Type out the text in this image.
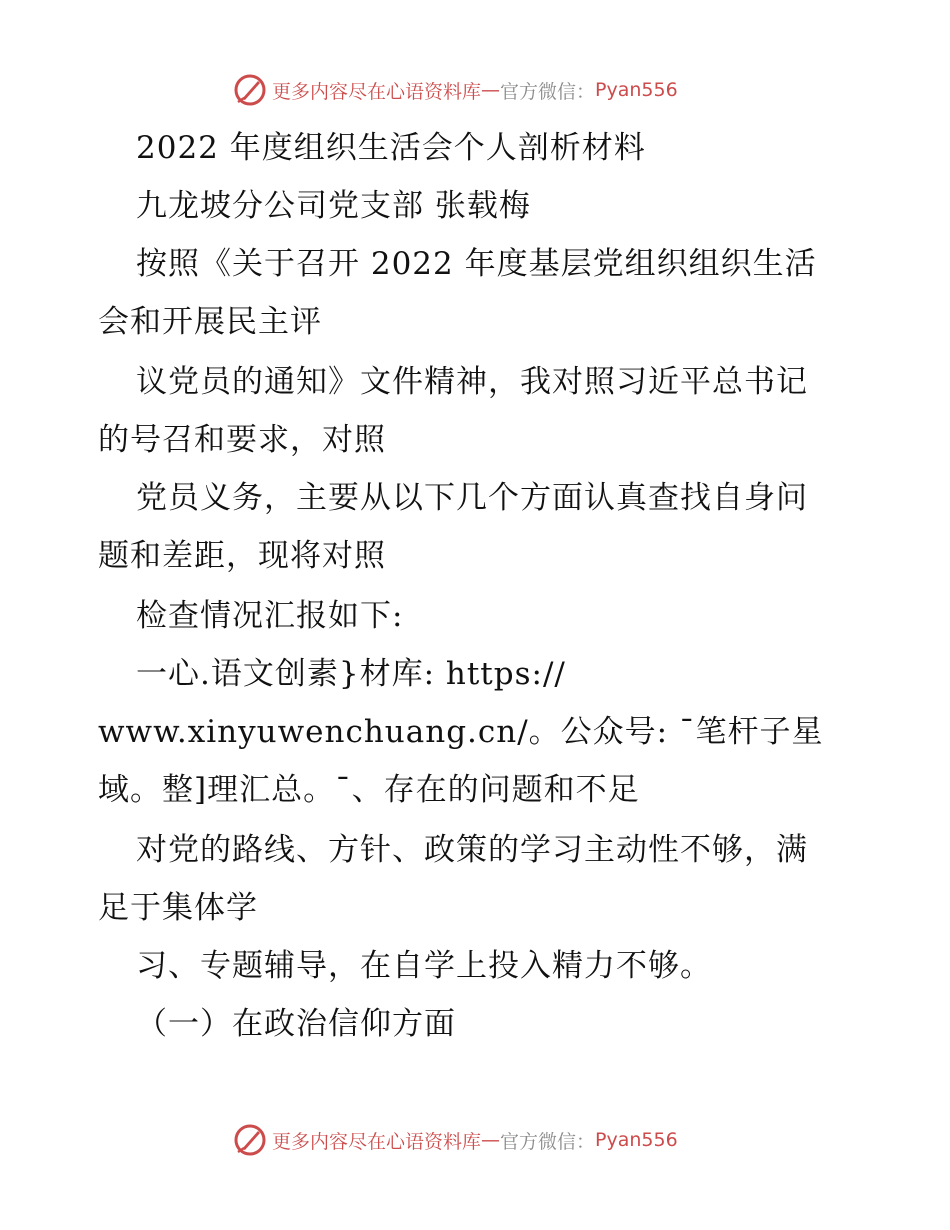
更多内容尽在心语资料库 — 官方微信： Pyan556
2022 年度组织生活会个人剖析材料
九龙坡分公司党支部 张载梅
按照《关于召开 2022 年度基层党组织组织生活
会和开展民主评
议党员的通知》文件精神，我对照习近平总书记
的号召和要求，对照
党员义务，主要从以下几个方面认真查找自身问
题和差距，现将对照
检查情况汇报如下:
一心.语文创素}材库: https://
www.xinyuwenchuang.cn/。公众号: ¯笔杆子星
域。整]理汇总。¯、存在的问题和不足
对党的路线、方针、政策的学习主动性不够，满
足于集体学
习、专题辅导，在自学上投入精力不够。
（一）在政治信仰方面
更多内容尽在心语资料库 — 官方微信： Pyan556
